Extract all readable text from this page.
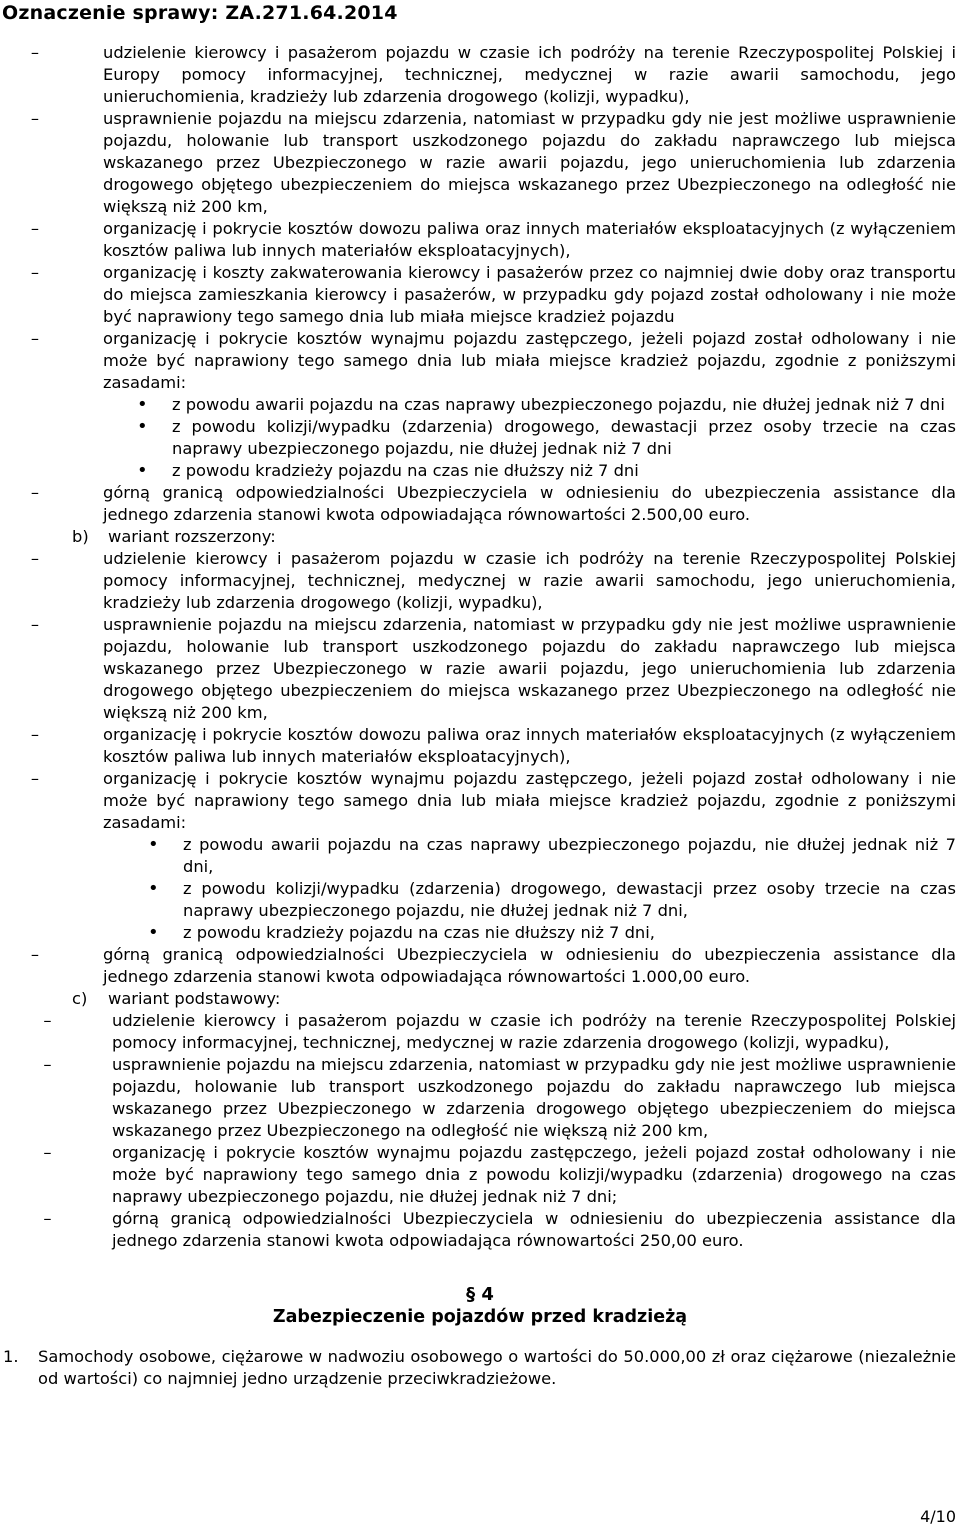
Oznaczenie sprawy: ZA.271.64.2014
–	udzielenie kierowcy i pasażerom pojazdu w czasie ich podróży na terenie Rzeczypospolitej Polskiej i Europy pomocy informacyjnej, technicznej, medycznej w razie awarii samochodu, jego unieruchomienia, kradzieży lub zdarzenia drogowego (kolizji, wypadku),
–	usprawnienie pojazdu na miejscu zdarzenia, natomiast w przypadku gdy nie jest możliwe usprawnienie pojazdu, holowanie lub transport uszkodzonego pojazdu do zakładu naprawczego lub miejsca wskazanego przez Ubezpieczonego w razie awarii pojazdu, jego unieruchomienia lub zdarzenia drogowego objętego ubezpieczeniem do miejsca wskazanego przez Ubezpieczonego na odległość nie większą niż 200 km,
–	organizację i pokrycie kosztów dowozu paliwa oraz innych materiałów eksploatacyjnych (z wyłączeniem kosztów paliwa lub innych materiałów eksploatacyjnych),
–	organizację i koszty zakwaterowania kierowcy i pasażerów przez co najmniej dwie doby oraz transportu do miejsca zamieszkania kierowcy i pasażerów, w przypadku gdy pojazd został odholowany i nie może być naprawiony tego samego dnia lub miała miejsce kradzież pojazdu
–	organizację i pokrycie kosztów wynajmu pojazdu zastępczego, jeżeli pojazd został odholowany i nie może być naprawiony tego samego dnia lub miała miejsce kradzież pojazdu, zgodnie z poniższymi zasadami:
• z powodu awarii pojazdu na czas naprawy ubezpieczonego pojazdu, nie dłużej jednak niż 7 dni
• z powodu kolizji/wypadku (zdarzenia) drogowego, dewastacji przez osoby trzecie na czas naprawy ubezpieczonego pojazdu, nie dłużej jednak niż 7 dni
• z powodu kradzieży pojazdu na czas nie dłuższy niż 7 dni
–	górną granicą odpowiedzialności Ubezpieczyciela w odniesieniu do ubezpieczenia assistance dla jednego zdarzenia stanowi kwota odpowiadająca równowartości 2.500,00 euro.
b) wariant rozszerzony:
–	udzielenie kierowcy i pasażerom pojazdu w czasie ich podróży na terenie Rzeczypospolitej Polskiej pomocy informacyjnej, technicznej, medycznej w razie awarii samochodu, jego unieruchomienia, kradzieży lub zdarzenia drogowego (kolizji, wypadku),
–	usprawnienie pojazdu na miejscu zdarzenia, natomiast w przypadku gdy nie jest możliwe usprawnienie pojazdu, holowanie lub transport uszkodzonego pojazdu do zakładu naprawczego lub miejsca wskazanego przez Ubezpieczonego w razie awarii pojazdu, jego unieruchomienia lub zdarzenia drogowego objętego ubezpieczeniem do miejsca wskazanego przez Ubezpieczonego na odległość nie większą niż 200 km,
–	organizację i pokrycie kosztów dowozu paliwa oraz innych materiałów eksploatacyjnych (z wyłączeniem kosztów paliwa lub innych materiałów eksploatacyjnych),
–	organizację i pokrycie kosztów wynajmu pojazdu zastępczego, jeżeli pojazd został odholowany i nie może być naprawiony tego samego dnia lub miała miejsce kradzież pojazdu, zgodnie z poniższymi zasadami:
• z powodu awarii pojazdu na czas naprawy ubezpieczonego pojazdu, nie dłużej jednak niż 7 dni,
• z powodu kolizji/wypadku (zdarzenia) drogowego, dewastacji przez osoby trzecie na czas naprawy ubezpieczonego pojazdu, nie dłużej jednak niż 7 dni,
• z powodu kradzieży pojazdu na czas nie dłuższy niż 7 dni,
–	górną granicą odpowiedzialności Ubezpieczyciela w odniesieniu do ubezpieczenia assistance dla jednego zdarzenia stanowi kwota odpowiadająca równowartości 1.000,00 euro.
c) wariant podstawowy:
–	udzielenie kierowcy i pasażerom pojazdu w czasie ich podróży na terenie Rzeczypospolitej Polskiej pomocy informacyjnej, technicznej, medycznej w razie zdarzenia drogowego (kolizji, wypadku),
–	usprawnienie pojazdu na miejscu zdarzenia, natomiast w przypadku gdy nie jest możliwe usprawnienie pojazdu, holowanie lub transport uszkodzonego pojazdu do zakładu naprawczego lub miejsca wskazanego przez Ubezpieczonego w zdarzenia drogowego objętego ubezpieczeniem do miejsca wskazanego przez Ubezpieczonego na odległość nie większą niż 200 km,
–	organizację i pokrycie kosztów wynajmu pojazdu zastępczego, jeżeli pojazd został odholowany i nie może być naprawiony tego samego dnia z powodu kolizji/wypadku (zdarzenia) drogowego na czas naprawy ubezpieczonego pojazdu, nie dłużej jednak niż 7 dni;
–	górną granicą odpowiedzialności Ubezpieczyciela w odniesieniu do ubezpieczenia assistance dla jednego zdarzenia stanowi kwota odpowiadająca równowartości 250,00 euro.
§ 4
Zabezpieczenie pojazdów przed kradzieżą
1. Samochody osobowe, ciężarowe w nadwoziu osobowego o wartości do 50.000,00 zł oraz ciężarowe (niezależnie od wartości) co najmniej jedno urządzenie przeciwkradzieżowe.
4/10
